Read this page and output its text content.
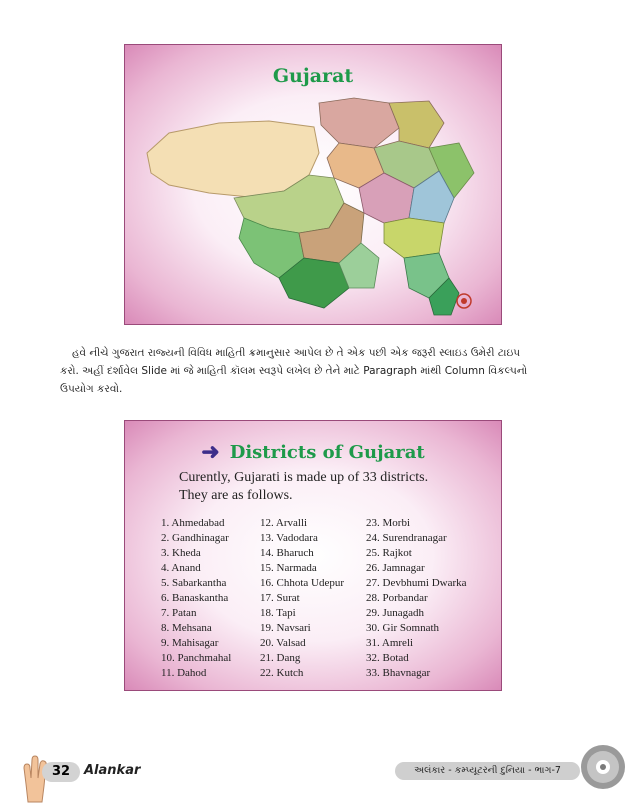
Gujarat

હવે નીચે ગુજરાત રાજ્યની વિવિધ માહિતી ક્રમાનુસાર આપેલ છે તે એક પછી એક જરૂરી સ્લાઇડ ઉમેરી ટાઇપ

કરો. અહીં દર્શાવેલ Slide માં જે માહિતી કૉલમ સ્વરૂપે લખેલ છે તેને માટે Paragraph માંથી Column વિકલ્પનો

ઉપયોગ કરવો.

➜ Districts of Gujarat
Curently, Gujarati is made up of 33 districts.
They are as follows.
1. Ahmedabad
2. Gandhinagar
3. Kheda
4. Anand
5. Sabarkantha
6. Banaskantha
7. Patan
8. Mehsana
9. Mahisagar
10. Panchmahal
11. Dahod
12. Arvalli
13. Vadodara
14. Bharuch
15. Narmada
16. Chhota Udepur
17. Surat
18. Tapi
19. Navsari
20. Valsad
21. Dang
22. Kutch
23. Morbi
24. Surendranagar
25. Rajkot
26. Jamnagar
27. Devbhumi Dwarka
28. Porbandar
29. Junagadh
30. Gir Somnath
31. Amreli
32. Botad
33. Bhavnagar
32	Alankar	અલંકાર - કમ્પ્યૂટરની દુનિયા - ભાગ-7
